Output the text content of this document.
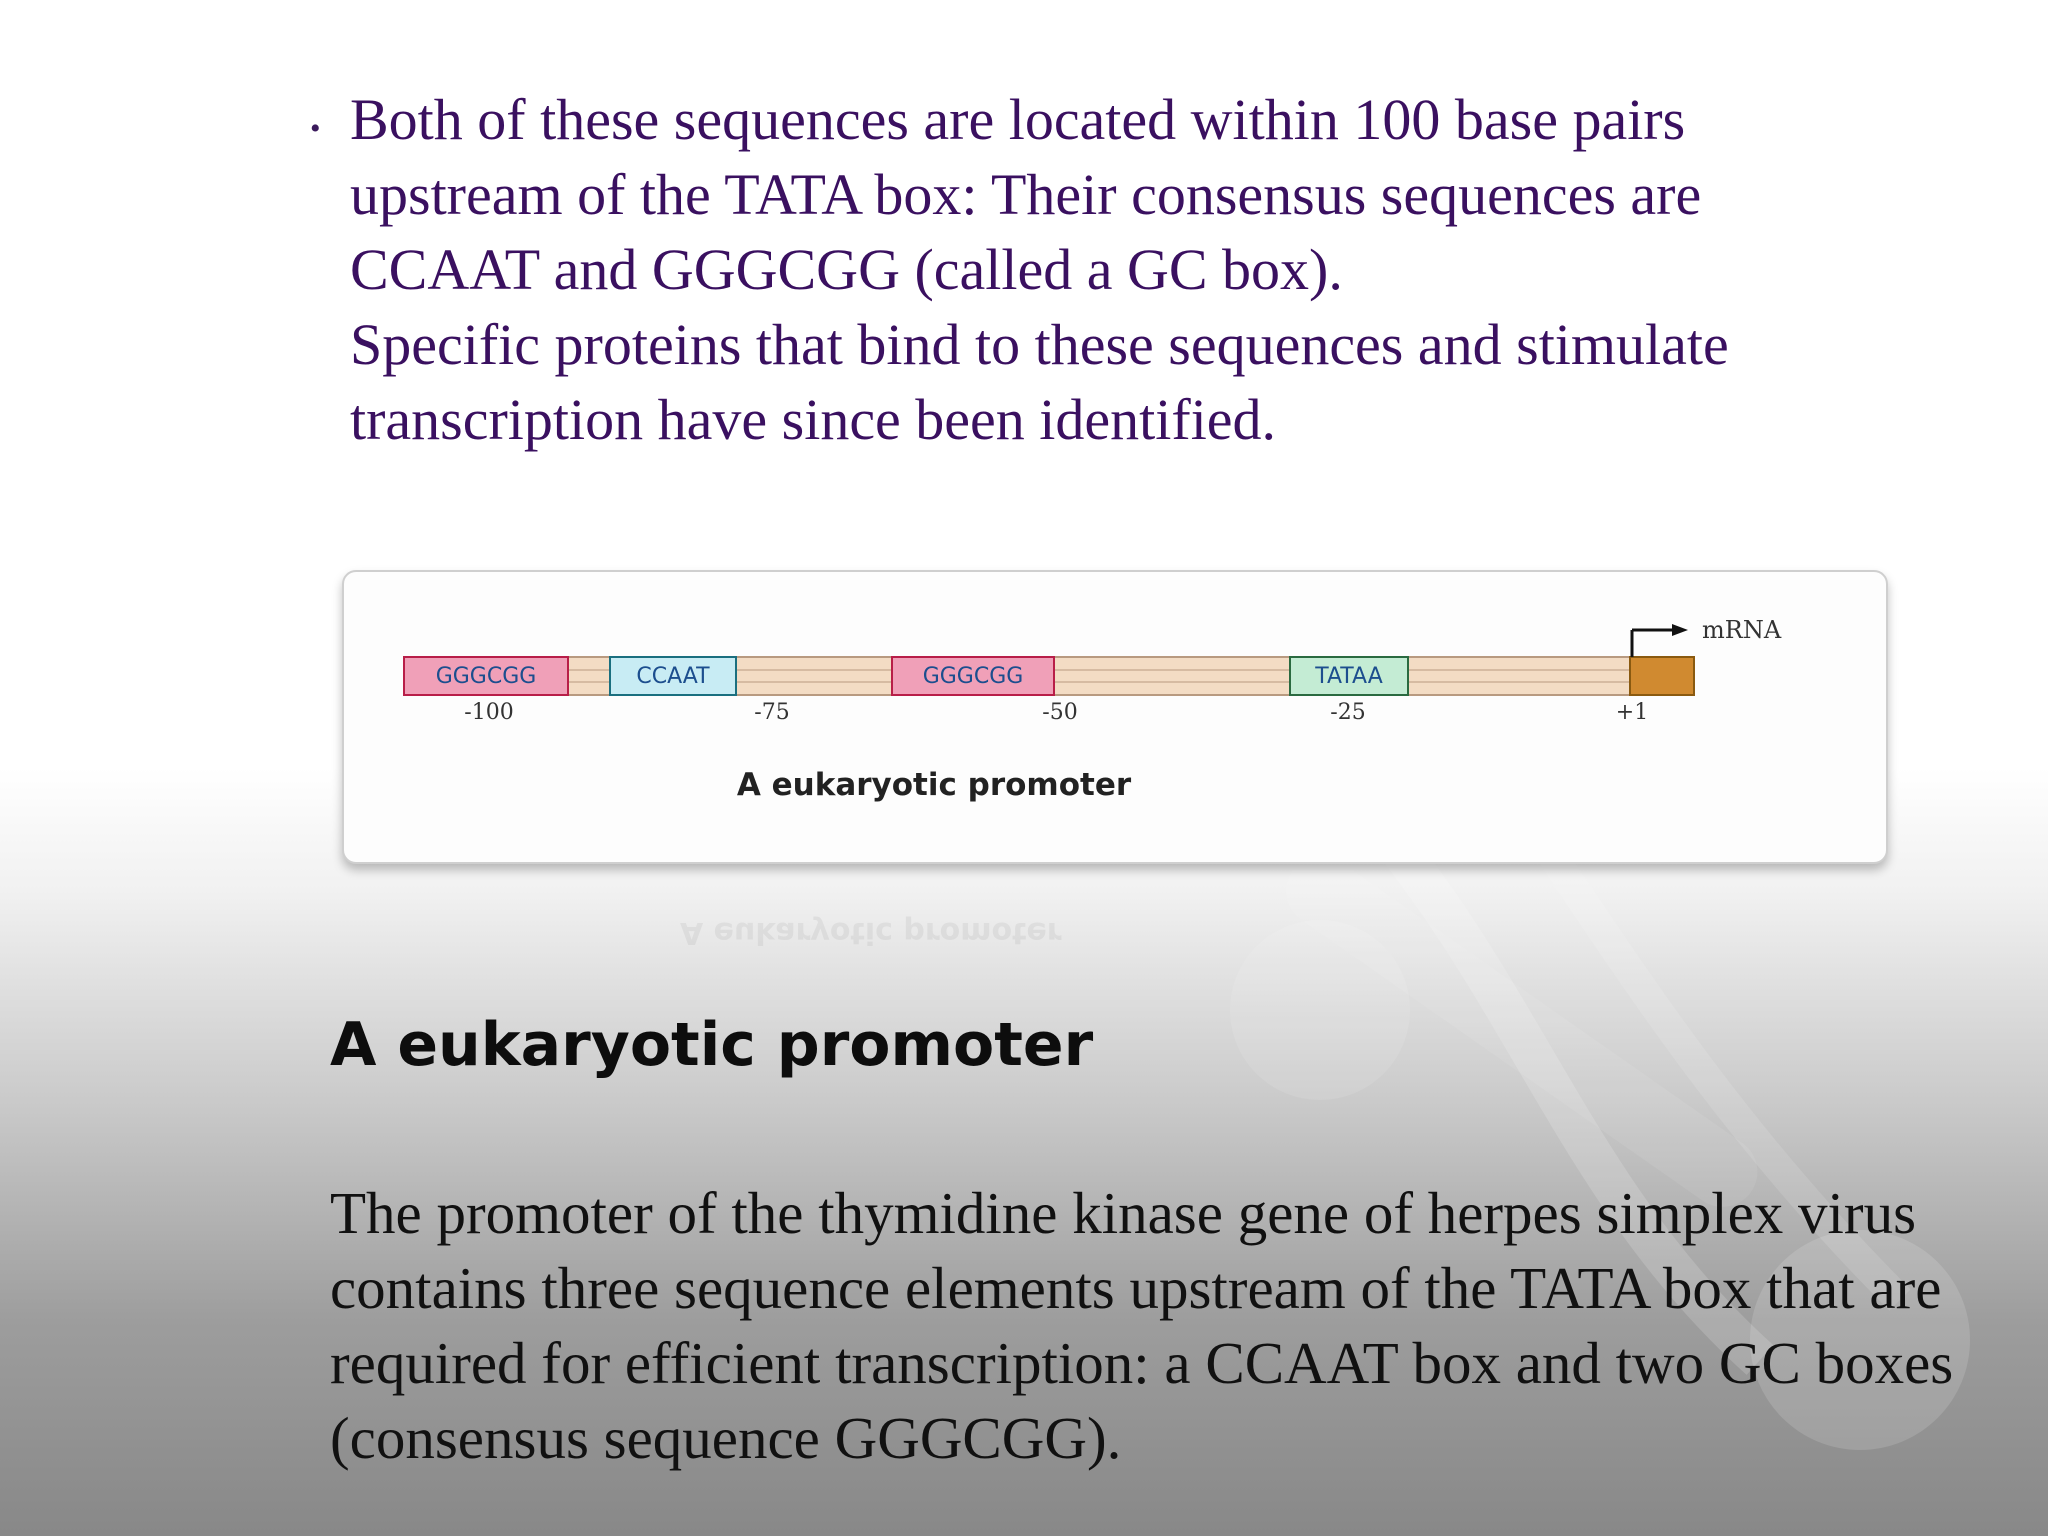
• Both of these sequences are located within 100 base pairs
upstream of the TATA box: Their consensus sequences are
CCAAT and GGGCGG (called a GC box).
Specific proteins that bind to these sequences and stimulate
transcription have since been identified.
GGGCGG	CCAAT	GGGCGG	TATAA
-100	-75	-50	-25	+1
mRNA
A eukaryotic promoter
A eukaryotic promoter
A eukaryotic promoter

The promoter of the thymidine kinase gene of herpes simplex virus contains three sequence elements upstream of the TATA box that are required for efficient transcription: a CCAAT box and two GC boxes (consensus sequence GGGCGG).
